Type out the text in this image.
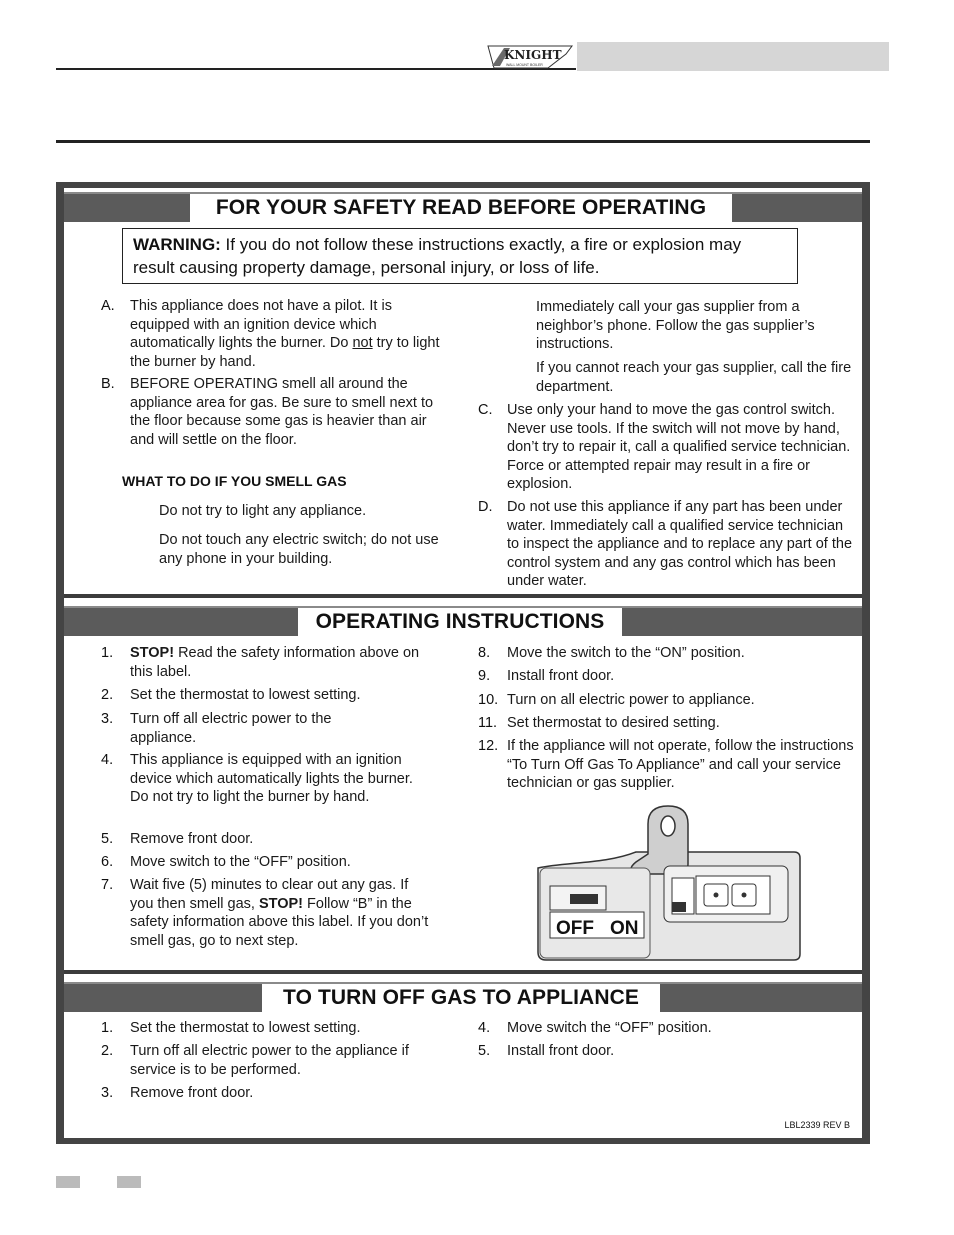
KNIGHT
WALL MOUNT BOILER
FOR YOUR SAFETY READ BEFORE OPERATING
WARNING: If you do not follow these instructions exactly, a fire or explosion may result causing property damage, personal injury, or loss of life.
A. This appliance does not have a pilot. It is equipped with an ignition device which automatically lights the burner. Do not try to light the burner by hand.
B. BEFORE OPERATING smell all around the appliance area for gas. Be sure to smell next to the floor because some gas is heavier than air and will settle on the floor.
WHAT TO DO IF YOU SMELL GAS
Do not try to light any appliance.
Do not touch any electric switch; do not use any phone in your building.
Immediately call your gas supplier from a neighbor’s phone. Follow the gas supplier’s instructions.
If you cannot reach your gas supplier, call the fire department.
C. Use only your hand to move the gas control switch. Never use tools. If the switch will not move by hand, don’t try to repair it, call a qualified service technician. Force or attempted repair may result in a fire or explosion.
D. Do not use this appliance if any part has been under water. Immediately call a qualified service technician to inspect the appliance and to replace any part of the control system and any gas control which has been under water.
OPERATING INSTRUCTIONS
1. STOP! Read the safety information above on this label.
2. Set the thermostat to lowest setting.
3. Turn off all electric power to the appliance.
4. This appliance is equipped with an ignition device which automatically lights the burner. Do not try to light the burner by hand.
5. Remove front door.
6. Move switch to the “OFF” position.
7. Wait five (5) minutes to clear out any gas. If you then smell gas, STOP! Follow “B” in the safety information above this label. If you don’t smell gas, go to next step.
8. Move the switch to the “ON” position.
9. Install front door.
10. Turn on all electric power to appliance.
11. Set thermostat to desired setting.
12. If the appliance will not operate, follow the instructions “To Turn Off Gas To Appliance” and call your service technician or gas supplier.
OFF ON
TO TURN OFF GAS TO APPLIANCE
1. Set the thermostat to lowest setting.
2. Turn off all electric power to the appliance if service is to be performed.
3. Remove front door.
4. Move switch the “OFF” position.
5. Install front door.
LBL2339 REV B
